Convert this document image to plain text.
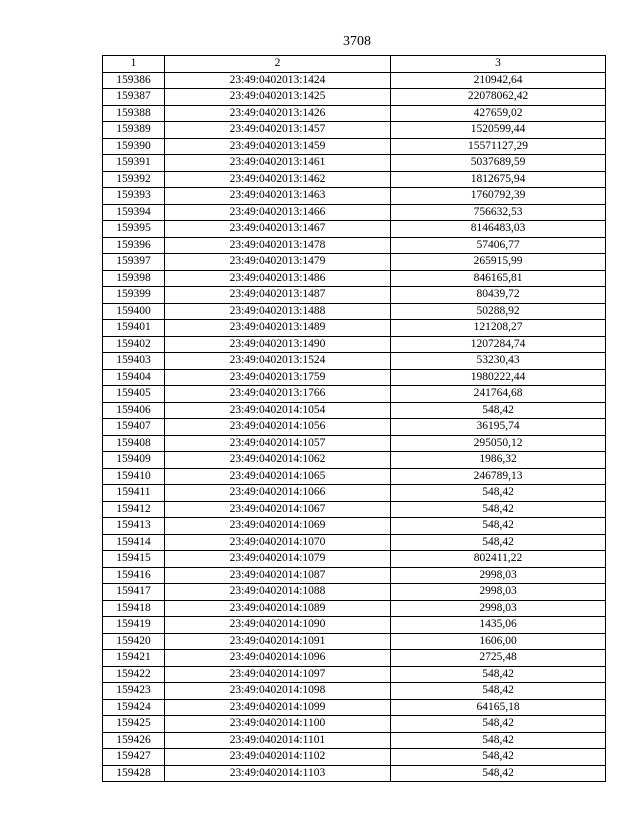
3708
1	2	3
159386	23:49:0402013:1424	210942,64
159387	23:49:0402013:1425	22078062,42
159388	23:49:0402013:1426	427659,02
159389	23:49:0402013:1457	1520599,44
159390	23:49:0402013:1459	15571127,29
159391	23:49:0402013:1461	5037689,59
159392	23:49:0402013:1462	1812675,94
159393	23:49:0402013:1463	1760792,39
159394	23:49:0402013:1466	756632,53
159395	23:49:0402013:1467	8146483,03
159396	23:49:0402013:1478	57406,77
159397	23:49:0402013:1479	265915,99
159398	23:49:0402013:1486	846165,81
159399	23:49:0402013:1487	80439,72
159400	23:49:0402013:1488	50288,92
159401	23:49:0402013:1489	121208,27
159402	23:49:0402013:1490	1207284,74
159403	23:49:0402013:1524	53230,43
159404	23:49:0402013:1759	1980222,44
159405	23:49:0402013:1766	241764,68
159406	23:49:0402014:1054	548,42
159407	23:49:0402014:1056	36195,74
159408	23:49:0402014:1057	295050,12
159409	23:49:0402014:1062	1986,32
159410	23:49:0402014:1065	246789,13
159411	23:49:0402014:1066	548,42
159412	23:49:0402014:1067	548,42
159413	23:49:0402014:1069	548,42
159414	23:49:0402014:1070	548,42
159415	23:49:0402014:1079	802411,22
159416	23:49:0402014:1087	2998,03
159417	23:49:0402014:1088	2998,03
159418	23:49:0402014:1089	2998,03
159419	23:49:0402014:1090	1435,06
159420	23:49:0402014:1091	1606,00
159421	23:49:0402014:1096	2725,48
159422	23:49:0402014:1097	548,42
159423	23:49:0402014:1098	548,42
159424	23:49:0402014:1099	64165,18
159425	23:49:0402014:1100	548,42
159426	23:49:0402014:1101	548,42
159427	23:49:0402014:1102	548,42
159428	23:49:0402014:1103	548,42
